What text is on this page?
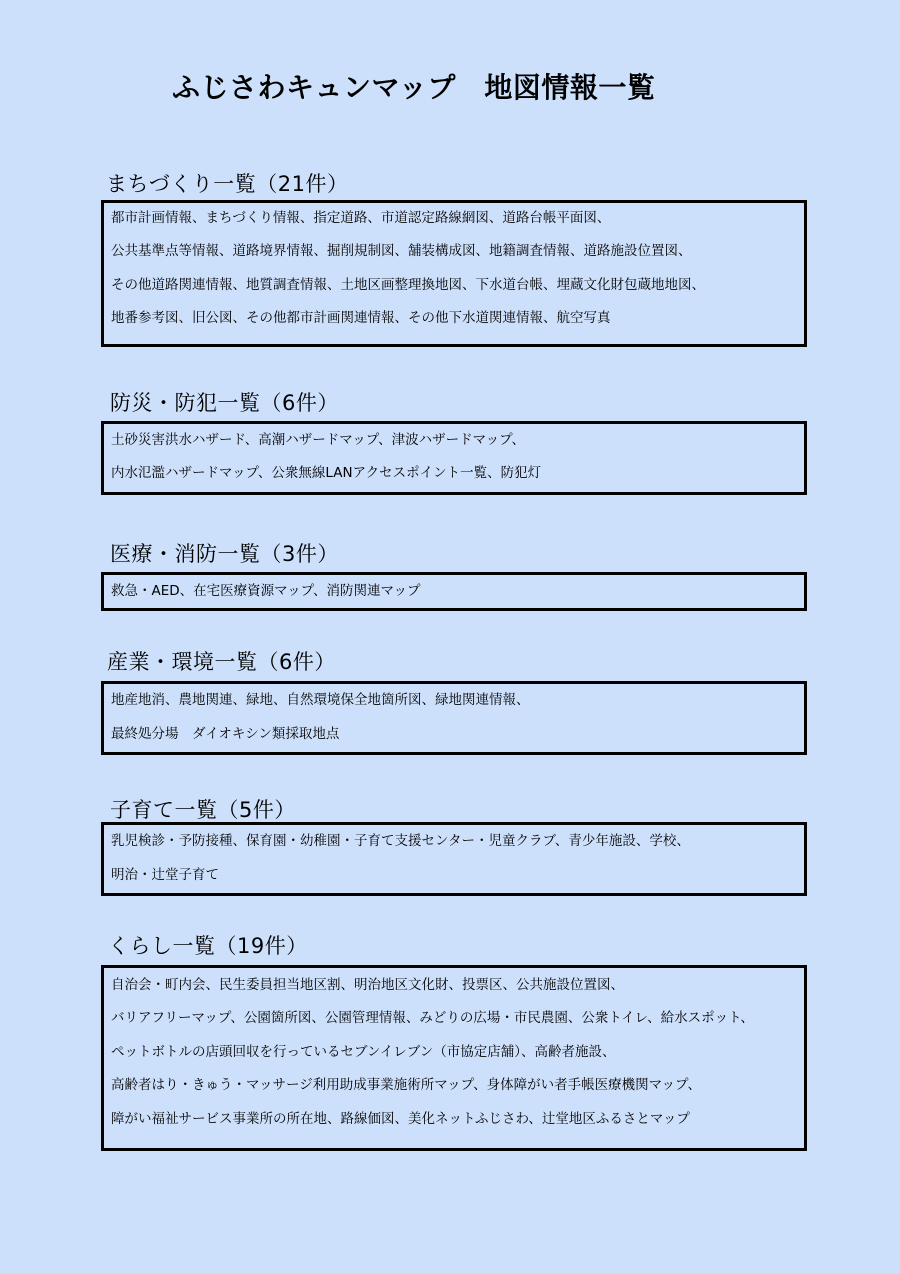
ふじさわキュンマップ　地図情報一覧
まちづくり一覧（21件）
都市計画情報、まちづくり情報、指定道路、市道認定路線網図、道路台帳平面図、
公共基準点等情報、道路境界情報、掘削規制図、舗装構成図、地籍調査情報、道路施設位置図、
その他道路関連情報、地質調査情報、土地区画整理換地図、下水道台帳、埋蔵文化財包蔵地地図、
地番参考図、旧公図、その他都市計画関連情報、その他下水道関連情報、航空写真
防災・防犯一覧（6件）
土砂災害洪水ハザード、高潮ハザードマップ、津波ハザードマップ、
内水氾濫ハザードマップ、公衆無線LANアクセスポイント一覧、防犯灯
医療・消防一覧（3件）
救急・AED、在宅医療資源マップ、消防関連マップ
産業・環境一覧（6件）
地産地消、農地関連、緑地、自然環境保全地箇所図、緑地関連情報、
最終処分場　ダイオキシン類採取地点
子育て一覧（5件）
乳児検診・予防接種、保育園・幼稚園・子育て支援センター・児童クラブ、青少年施設、学校、
明治・辻堂子育て
くらし一覧（19件）
自治会・町内会、民生委員担当地区割、明治地区文化財、投票区、公共施設位置図、
バリアフリーマップ、公園箇所図、公園管理情報、みどりの広場・市民農園、公衆トイレ、給水スポット、
ペットボトルの店頭回収を行っているセブンイレブン（市協定店舗）、高齢者施設、
高齢者はり・きゅう・マッサージ利用助成事業施術所マップ、身体障がい者手帳医療機関マップ、
障がい福祉サービス事業所の所在地、路線価図、美化ネットふじさわ、辻堂地区ふるさとマップ
